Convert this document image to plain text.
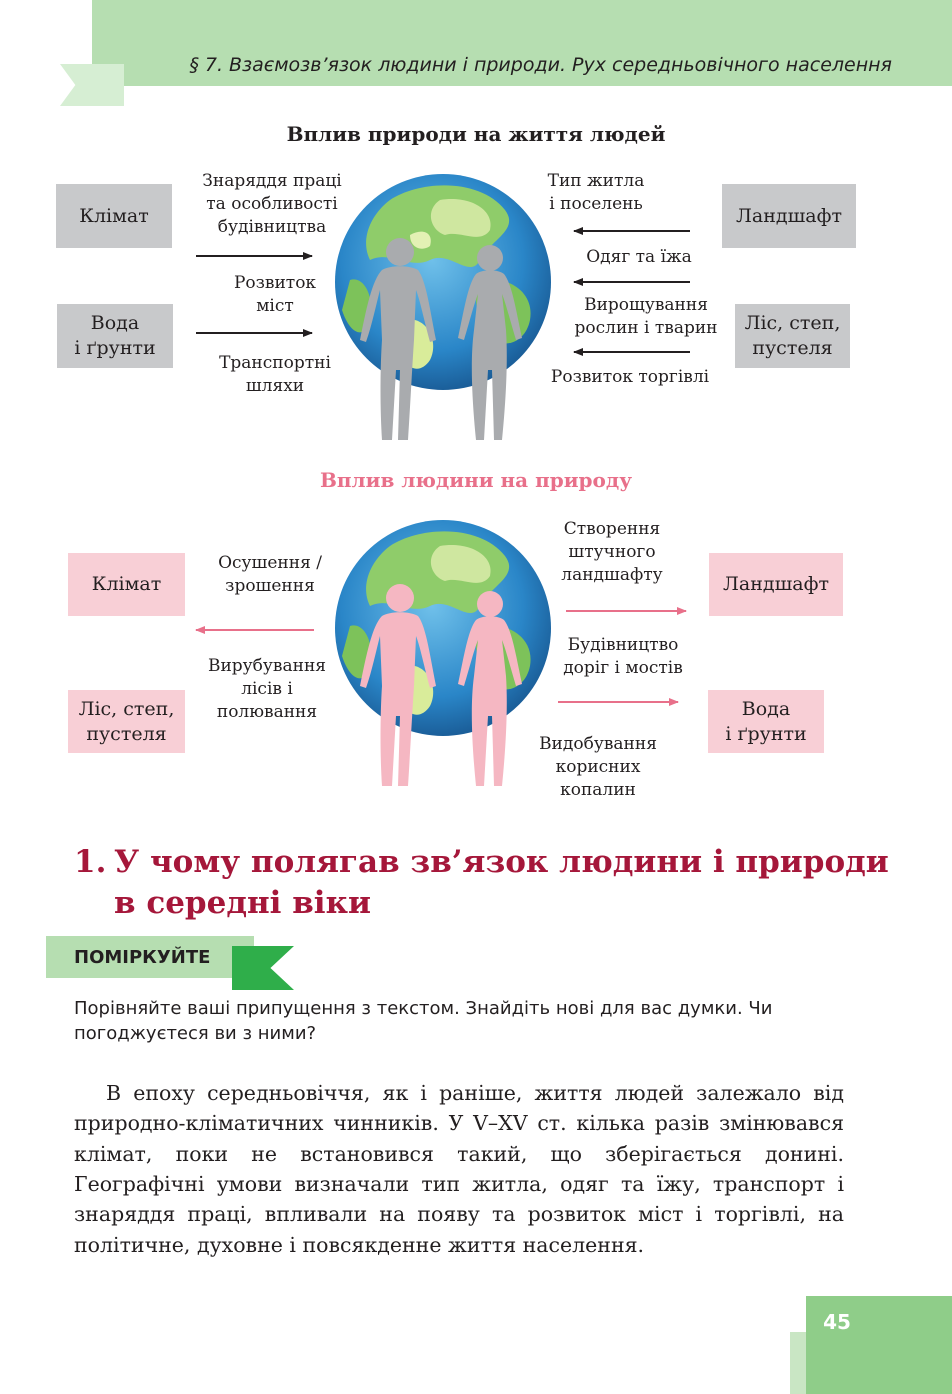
§ 7. Взаємозв’язок людини і природи. Рух середньовічного населення
Вплив природи на життя людей
Клімат
Вода
і ґрунти
Ландшафт
Ліс, степ,
пустеля
Знаряддя праці
та особливості
будівництва
Розвиток
міст
Транспортні
шляхи
Тип житла
і поселень
Одяг та їжа
Вирощування
рослин і тварин
Розвиток торгівлі
Вплив людини на природу
Клімат
Ліс, степ,
пустеля
Ландшафт
Вода
і ґрунти
Осушення /
зрошення
Вирубування
лісів і
полювання
Створення
штучного
ландшафту
Будівництво
доріг і мостів
Видобування
корисних
копалин
1. У чому полягав зв’язок людини і природи
в середні віки
ПОМІРКУЙТЕ
Порівняйте ваші припущення з текстом. Знайдіть нові для вас думки. Чи погоджуєтеся ви з ними?
В епоху середньовіччя, як і раніше, життя людей залежало від природно-кліматичних чинників. У V–XV ст. кілька разів змінювався клімат, поки не встановився такий, що зберігається донині. Географічні умови визначали тип житла, одяг та їжу, транспорт і знаряддя праці, впливали на появу та розвиток міст і торгівлі, на політичне, духовне і повсякденне життя населення.
45
